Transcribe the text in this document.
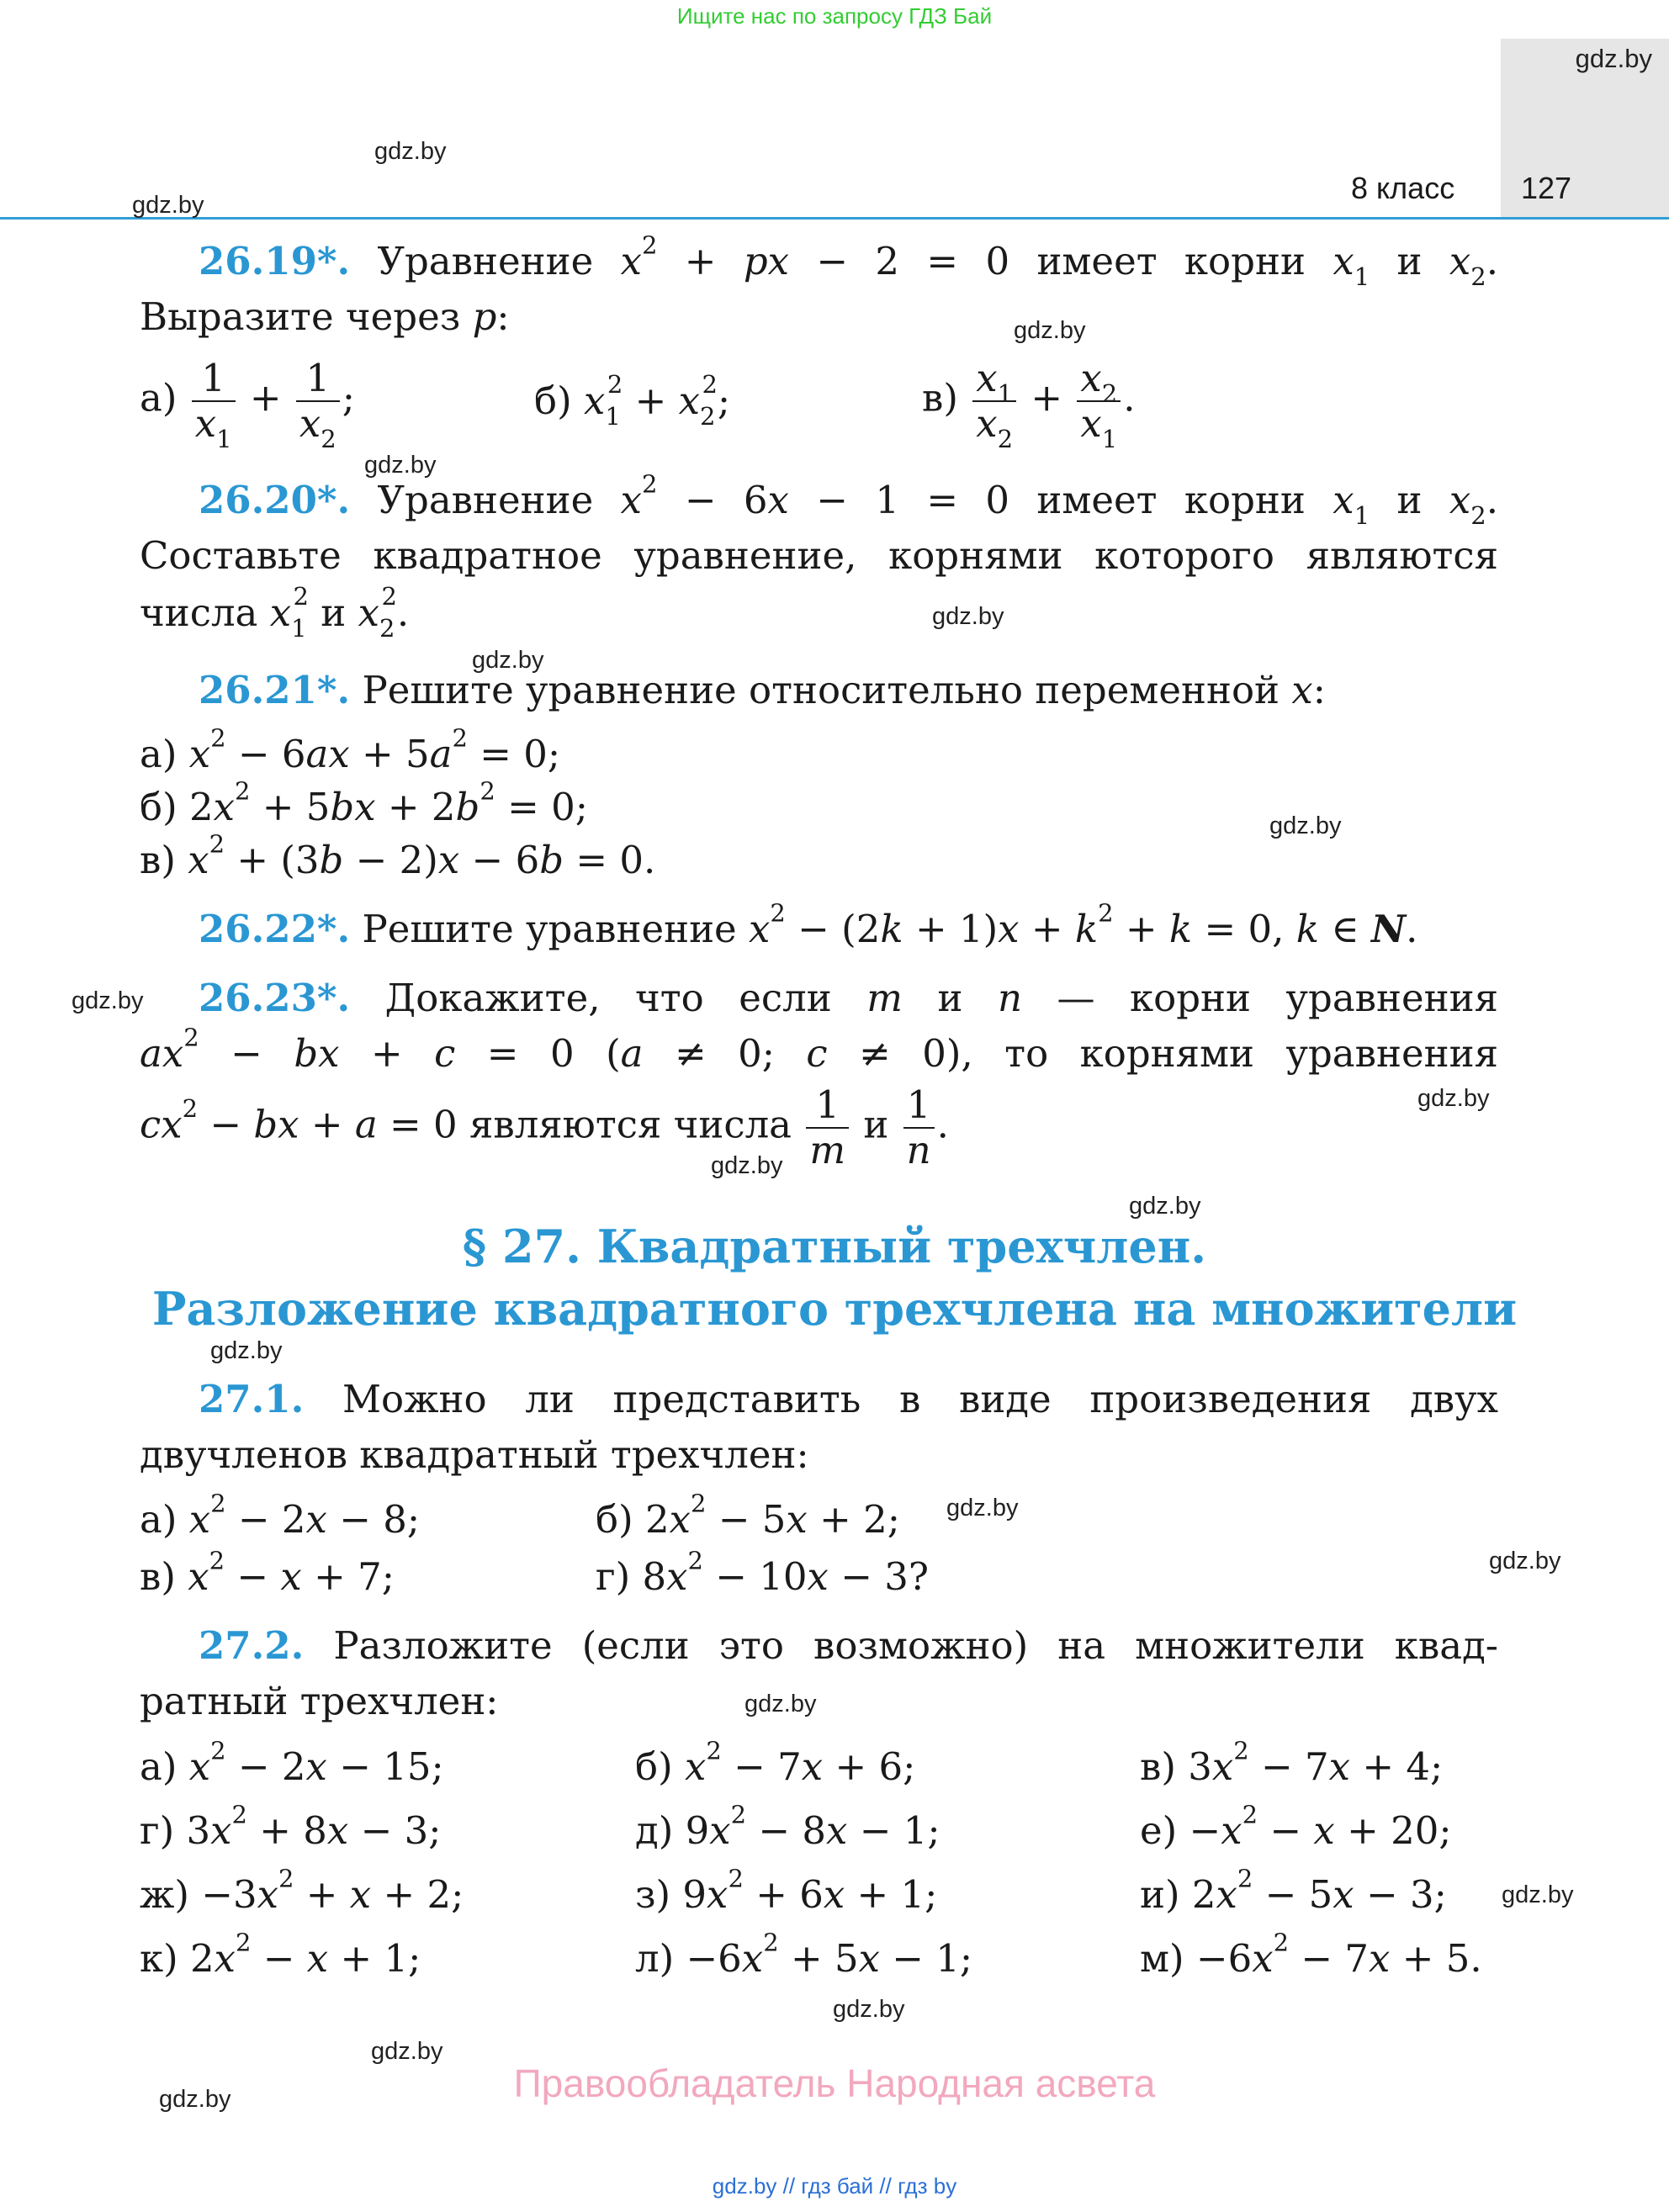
Ищите нас по запросу ГДЗ Бай
gdz.by
8 класс 127
gdz.by
gdz.by
gdz.by
gdz.by
gdz.by
gdz.by
gdz.by
gdz.by
gdz.by
gdz.by
gdz.by
gdz.by
gdz.by
gdz.by
gdz.by
gdz.by
gdz.by
gdz.by
gdz.by
26.19*. Уравнение $x^2$ + px − 2 = 0 имеет корни $x_1$ и $x_2$.
Выразите через p:
$а) \frac{1}{x_1} + \frac{1}{x_2}$ ;	б) $x_1^2 + x_2^2$;	$в) \frac{x_1}{x_2} + \frac{x_2}{x_1}$ .
26.20*. Уравнение $x^2 - 6x - 1 = 0$ имеет корни $x_1$ и $x_2$.
Составьте квадратное уравнение, корнями которого являются
числа $x_1^2$ и $x_2^2$.
26.21*. Решите уравнение относительно переменной x:
а) $x^2 - 6ax + 5a^2 = 0$;
б) $2x^2 + 5bx + 2b^2 = 0$;
в) $x^2 + (3b - 2)x - 6b = 0$.
26.22*. Решите уравнение $x^2 - (2k + 1)x + k^2 + k = 0$, k ∈ N.
26.23*. Докажите, что если m и n — корни уравнения
$ax^2$ − bx + c = 0 (a ≠ 0; c ≠ 0), то корнями уравнения
$cx^2$ − bx + a = 0 являются числа $\frac{1}{m}$ и $\frac{1}{n}$ .
§ 27. Квадратный трехчлен.
Разложение квадратного трехчлена на множители
27.1. Можно ли представить в виде произведения двух
двучленов квадратный трехчлен:
а) $x^2 - 2x - 8$;	б) $2x^2 - 5x + 2$;
в) $x^2 - x + 7$;	г) $8x^2 - 10x - 3$?
27.2. Разложите (если это возможно) на множители квад-
ратный трехчлен:
а) $x^2 - 2x - 15$;	б) $x^2 - 7x + 6$;	в) $3x^2 - 7x + 4$;
г) $3x^2 + 8x - 3$;	д) $9x^2 - 8x - 1$;	$е) -x^2 - x + 20$;
$ж) -3x^2 + x + 2$;	з) $9x^2 + 6x + 1$;	и) $2x^2 - 5x - 3$;
к) $2x^2 - x + 1$;	$л) -6x^2 + 5x - 1$;	$м) -6x^2 - 7x + 5$.
Правообладатель Народная асвета
gdz.by // гдз бай // гдз by
